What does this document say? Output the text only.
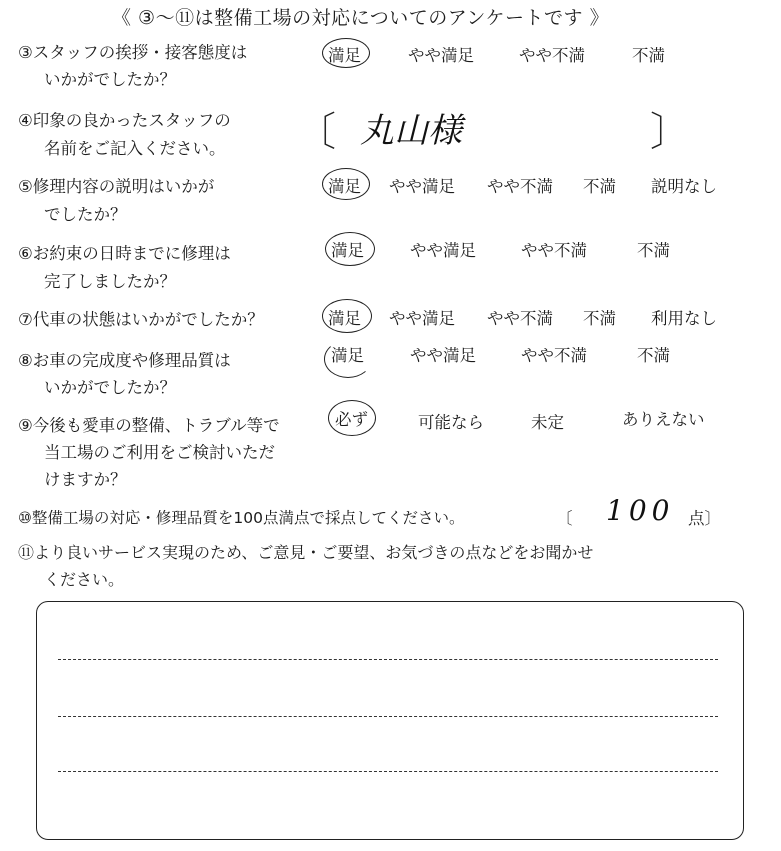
《 ③～⑪は整備工場の対応についてのアンケートです 》
③スタッフの挨拶・接客態度は
いかがでしたか？
満足	やや満足	やや不満	不満
④印象の良かったスタッフの
名前をご記入ください。 〔 丸山様	〕
⑤修理内容の説明はいかが
でしたか？
満足 やや満足 やや不満 不満 説明なし
⑥お約束の日時までに修理は
完了しましたか？
満足	やや満足	やや不満	不満
⑦代車の状態はいかがでしたか？	満足 やや満足 やや不満 不満 利用なし
⑧お車の完成度や修理品質は
いかがでしたか？
満足	やや満足	やや不満	不満
⑨今後も愛車の整備、トラブル等で
当工場のご利用をご検討いただ
けますか？
必ず	可能なら	未定	ありえない
⑩整備工場の対応・修理品質を100点満点で採点してください。	〔 100 点〕
⑪より良いサービス実現のため、ご意見・ご要望、お気づきの点などをお聞かせ
ください。
